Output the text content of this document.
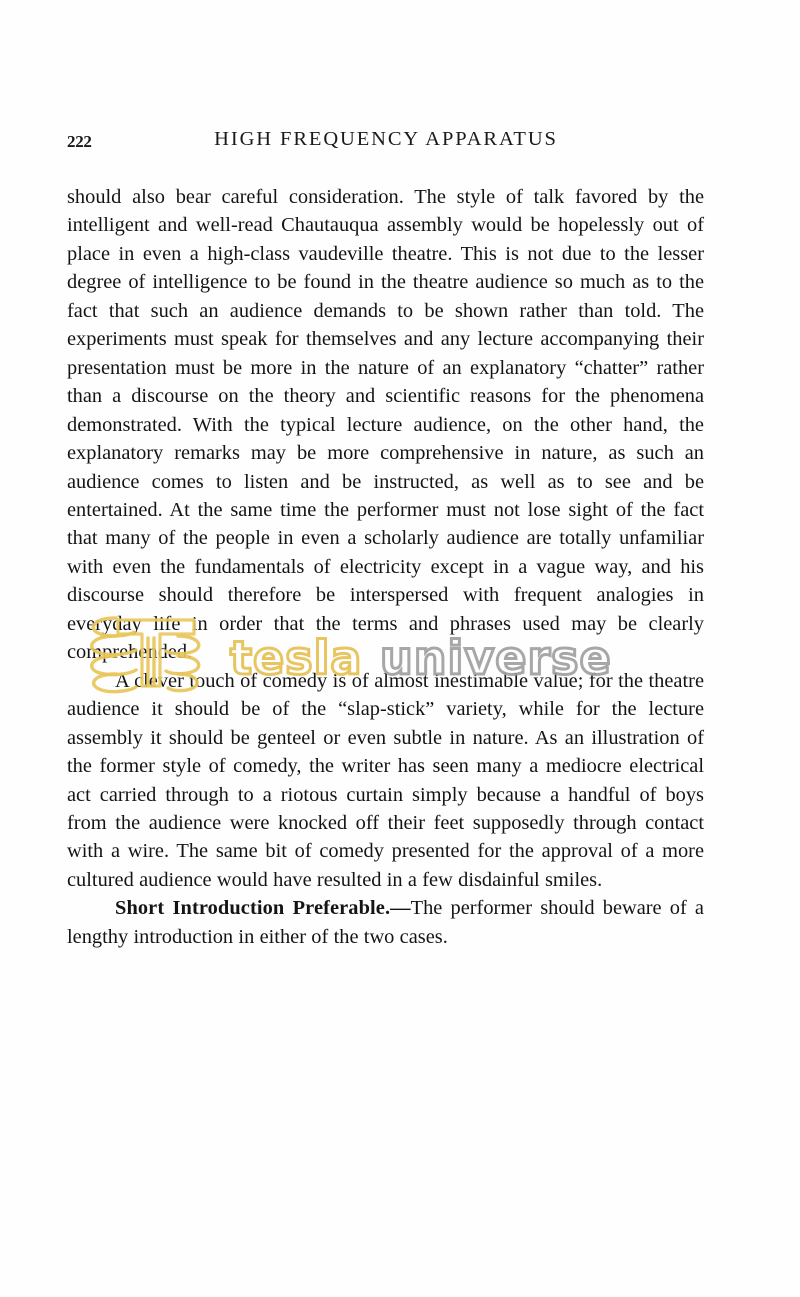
222	HIGH FREQUENCY APPARATUS

should also bear careful consideration. The style of talk favored by the intelligent and well-read Chautauqua assembly would be hopelessly out of place in even a high-class vaudeville theatre. This is not due to the lesser degree of intelligence to be found in the theatre audience so much as to the fact that such an audience demands to be shown rather than told. The experiments must speak for themselves and any lecture accompanying their presentation must be more in the nature of an explanatory “chatter” rather than a discourse on the theory and scientific reasons for the phenomena demonstrated. With the typical lecture audience, on the other hand, the explanatory remarks may be more comprehensive in nature, as such an audience comes to listen and be instructed, as well as to see and be entertained. At the same time the performer must not lose sight of the fact that many of the people in even a scholarly audience are totally unfamiliar with even the fundamentals of electricity except in a vague way, and his discourse should therefore be interspersed with frequent analogies in everyday life in order that the terms and phrases used may be clearly comprehended.

A clever touch of comedy is of almost inestimable value; for the theatre audience it should be of the “slap-stick” variety, while for the lecture assembly it should be genteel or even subtle in nature. As an illustration of the former style of comedy, the writer has seen many a mediocre electrical act carried through to a riotous curtain simply because a handful of boys from the audience were knocked off their feet supposedly through contact with a wire. The same bit of comedy presented for the approval of a more cultured audience would have resulted in a few disdainful smiles.

Short Introduction Preferable.—The performer should beware of a lengthy introduction in either of the two cases.

tesla universe
